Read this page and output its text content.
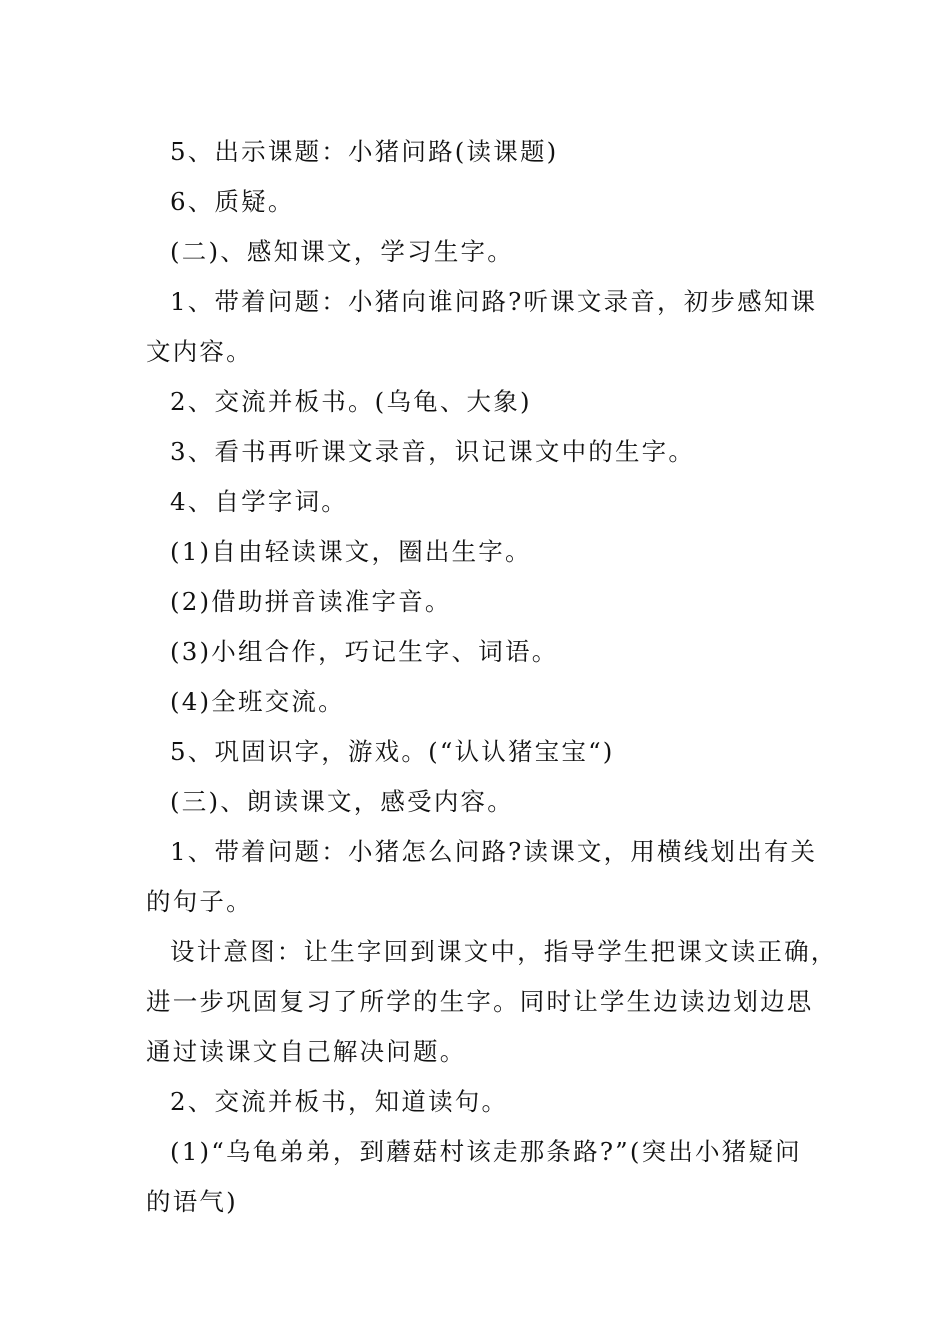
5、出示课题：小猪问路(读课题)

6、质疑。

(二)、感知课文，学习生字。

1、带着问题：小猪向谁问路?听课文录音，初步感知课

文内容。

2、交流并板书。(乌龟、大象)

3、看书再听课文录音，识记课文中的生字。

4、自学字词。

(1)自由轻读课文，圈出生字。

(2)借助拼音读准字音。

(3)小组合作，巧记生字、词语。

(4)全班交流。

5、巩固识字，游戏。(“认认猪宝宝“)

(三)、朗读课文，感受内容。

1、带着问题：小猪怎么问路?读课文，用横线划出有关

的句子。

设计意图：让生字回到课文中，指导学生把课文读正确，

进一步巩固复习了所学的生字。同时让学生边读边划边思

通过读课文自己解决问题。

2、交流并板书，知道读句。

(1)“乌龟弟弟，到蘑菇村该走那条路?”(突出小猪疑问

的语气)
